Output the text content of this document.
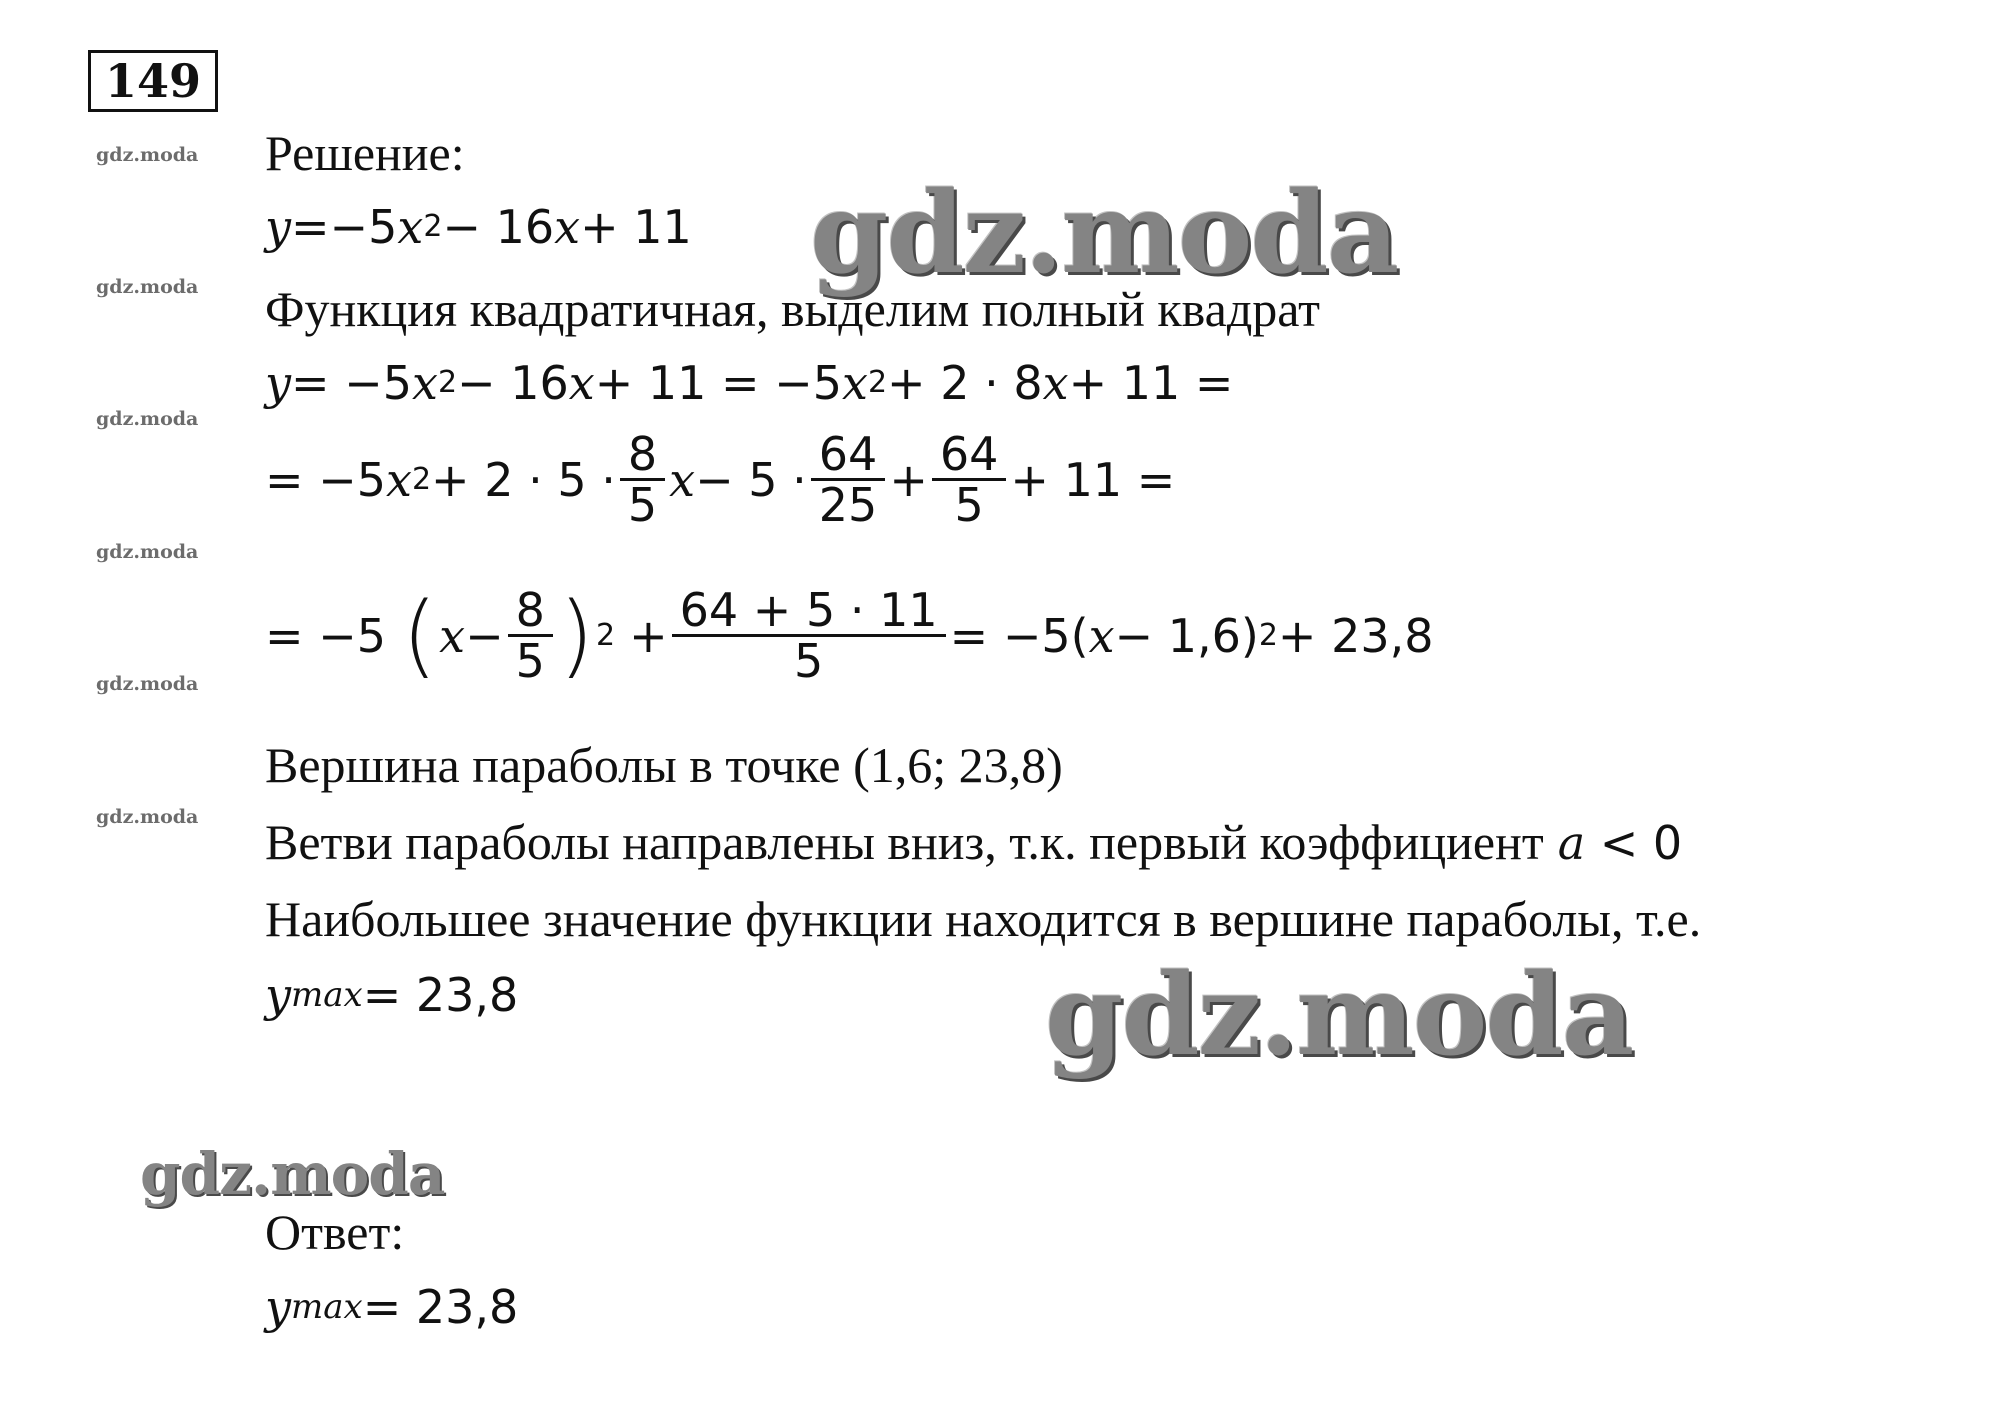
149
gdz.moda
gdz.moda
gdz.moda
gdz.moda
gdz.moda
gdz.moda
Решение:
y = −5 x 2 − 16 x + 11
Функция квадратичная, выделим полный квадрат
y = −5 x 2 − 16 x + 11 = −5 x 2 + 2 · 8 x + 11 =
= −5 x $2 + 2 \cdot 5 \cdot \frac{8}{5}$ $x - 5 \cdot \frac{64}{25} + \frac{64}{5} + 11$ =
= −5 ( $x - \frac{8}{5}$ ) $2 + \frac{64 + 5 \cdot 11}{5} = -5$( x − 1,6) 2 + 23,8
Вершина параболы в точке (1,6; 23,8)
Ветви параболы направлены вниз, т.к. первый коэффициент a < 0
Наибольшее значение функции находится в вершине параболы, т.е.
y max = 23,8
Ответ:
y max = 23,8
gdz.moda
gdz.moda
gdz.moda
